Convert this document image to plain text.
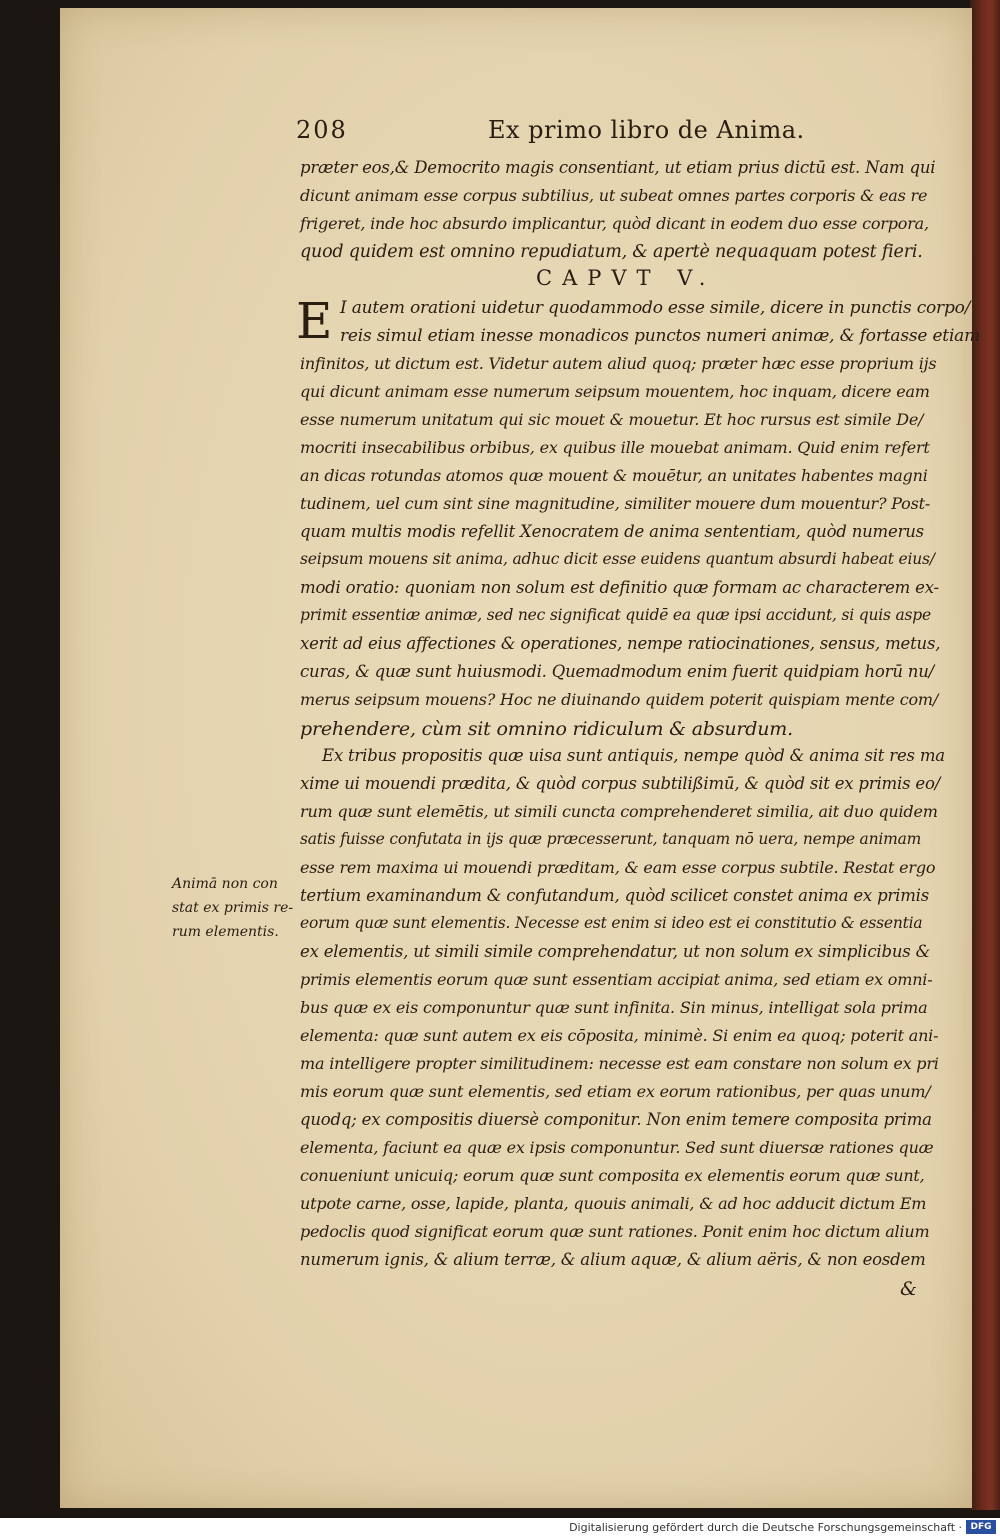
208	Ex primo libro de Anima.
præter eos,& Democrito magis consentiant, ut etiam prius dictū est. Nam qui
dicunt animam esse corpus subtilius, ut subeat omnes partes corporis & eas re
frigeret, inde hoc absurdo implicantur, quòd dicant in eodem duo esse corpora,
quod quidem est omnino repudiatum, & apertè nequaquam potest fieri.
CAPVT V.
E I autem orationi uidetur quodammodo esse simile, dicere in punctis corpo/
reis simul etiam inesse monadicos punctos numeri animæ, & fortasse etiam
infinitos, ut dictum est. Videtur autem aliud quoq; præter hæc esse proprium ijs
qui dicunt animam esse numerum seipsum mouentem, hoc inquam, dicere eam
esse numerum unitatum qui sic mouet & mouetur. Et hoc rursus est simile De/
mocriti insecabilibus orbibus, ex quibus ille mouebat animam. Quid enim refert
an dicas rotundas atomos quæ mouent & mouētur, an unitates habentes magni
tudinem, uel cum sint sine magnitudine, similiter mouere dum mouentur? Post-
quam multis modis refellit Xenocratem de anima sententiam, quòd numerus
seipsum mouens sit anima, adhuc dicit esse euidens quantum absurdi habeat eius/
modi oratio: quoniam non solum est definitio quæ formam ac characterem ex-
primit essentiæ animæ, sed nec significat quidē ea quæ ipsi accidunt, si quis aspe
xerit ad eius affectiones & operationes, nempe ratiocinationes, sensus, metus,
curas, & quæ sunt huiusmodi. Quemadmodum enim fuerit quidpiam horū nu/
merus seipsum mouens? Hoc ne diuinando quidem poterit quispiam mente com/
prehendere, cùm sit omnino ridiculum & absurdum.
Ex tribus propositis quæ uisa sunt antiquis, nempe quòd & anima sit res ma
xime ui mouendi prædita, & quòd corpus subtilißimū, & quòd sit ex primis eo/
rum quæ sunt elemētis, ut simili cuncta comprehenderet similia, ait duo quidem
satis fuisse confutata in ijs quæ præcesserunt, tanquam nō uera, nempe animam
esse rem maxima ui mouendi præditam, & eam esse corpus subtile. Restat ergo
tertium examinandum & confutandum, quòd scilicet constet anima ex primis
eorum quæ sunt elementis. Necesse est enim si ideo est ei constitutio & essentia
ex elementis, ut simili simile comprehendatur, ut non solum ex simplicibus &
primis elementis eorum quæ sunt essentiam accipiat anima, sed etiam ex omni-
bus quæ ex eis componuntur quæ sunt infinita. Sin minus, intelligat sola prima
elementa: quæ sunt autem ex eis cōposita, minimè. Si enim ea quoq; poterit ani-
ma intelligere propter similitudinem: necesse est eam constare non solum ex pri
mis eorum quæ sunt elementis, sed etiam ex eorum rationibus, per quas unum/
quodq; ex compositis diuersè componitur. Non enim temere composita prima
elementa, faciunt ea quæ ex ipsis componuntur. Sed sunt diuersæ rationes quæ
conueniunt unicuiq; eorum quæ sunt composita ex elementis eorum quæ sunt,
utpote carne, osse, lapide, planta, quouis animali, & ad hoc adducit dictum Em
pedoclis quod significat eorum quæ sunt rationes. Ponit enim hoc dictum alium
numerum ignis, & alium terræ, & alium aquæ, & alium aëris, & non eosdem
&
Animā non con
stat ex primis re-
rum elementis.
Digitalisierung gefördert durch die Deutsche Forschungsgemeinschaft · DFG
